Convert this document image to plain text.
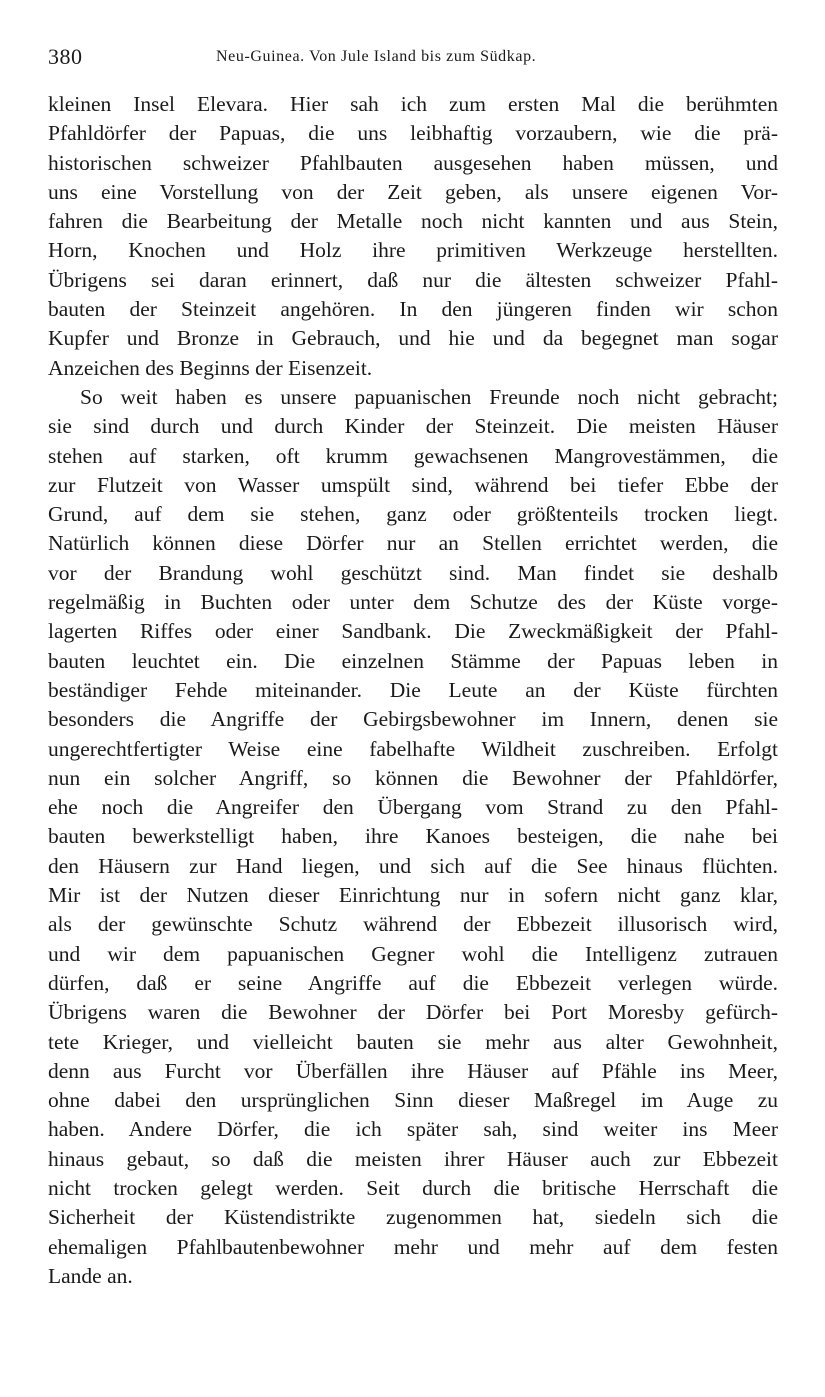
380	Neu-Guinea. Von Jule Island bis zum Südkap.
kleinen Insel Elevara. Hier sah ich zum ersten Mal die berühmten
Pfahldörfer der Papuas, die uns leibhaftig vorzaubern, wie die prä-
historischen schweizer Pfahlbauten ausgesehen haben müssen, und
uns eine Vorstellung von der Zeit geben, als unsere eigenen Vor-
fahren die Bearbeitung der Metalle noch nicht kannten und aus Stein,
Horn, Knochen und Holz ihre primitiven Werkzeuge herstellten.
Übrigens sei daran erinnert, daß nur die ältesten schweizer Pfahl-
bauten der Steinzeit angehören. In den jüngeren finden wir schon
Kupfer und Bronze in Gebrauch, und hie und da begegnet man sogar
Anzeichen des Beginns der Eisenzeit.
So weit haben es unsere papuanischen Freunde noch nicht gebracht;
sie sind durch und durch Kinder der Steinzeit. Die meisten Häuser
stehen auf starken, oft krumm gewachsenen Mangrovestämmen, die
zur Flutzeit von Wasser umspült sind, während bei tiefer Ebbe der
Grund, auf dem sie stehen, ganz oder größtenteils trocken liegt.
Natürlich können diese Dörfer nur an Stellen errichtet werden, die
vor der Brandung wohl geschützt sind. Man findet sie deshalb
regelmäßig in Buchten oder unter dem Schutze des der Küste vorge-
lagerten Riffes oder einer Sandbank. Die Zweckmäßigkeit der Pfahl-
bauten leuchtet ein. Die einzelnen Stämme der Papuas leben in
beständiger Fehde miteinander. Die Leute an der Küste fürchten
besonders die Angriffe der Gebirgsbewohner im Innern, denen sie
ungerechtfertigter Weise eine fabelhafte Wildheit zuschreiben. Erfolgt
nun ein solcher Angriff, so können die Bewohner der Pfahldörfer,
ehe noch die Angreifer den Übergang vom Strand zu den Pfahl-
bauten bewerkstelligt haben, ihre Kanoes besteigen, die nahe bei
den Häusern zur Hand liegen, und sich auf die See hinaus flüchten.
Mir ist der Nutzen dieser Einrichtung nur in sofern nicht ganz klar,
als der gewünschte Schutz während der Ebbezeit illusorisch wird,
und wir dem papuanischen Gegner wohl die Intelligenz zutrauen
dürfen, daß er seine Angriffe auf die Ebbezeit verlegen würde.
Übrigens waren die Bewohner der Dörfer bei Port Moresby gefürch-
tete Krieger, und vielleicht bauten sie mehr aus alter Gewohnheit,
denn aus Furcht vor Überfällen ihre Häuser auf Pfähle ins Meer,
ohne dabei den ursprünglichen Sinn dieser Maßregel im Auge zu
haben. Andere Dörfer, die ich später sah, sind weiter ins Meer
hinaus gebaut, so daß die meisten ihrer Häuser auch zur Ebbezeit
nicht trocken gelegt werden. Seit durch die britische Herrschaft die
Sicherheit der Küstendistrikte zugenommen hat, siedeln sich die
ehemaligen Pfahlbautenbewohner mehr und mehr auf dem festen
Lande an.
